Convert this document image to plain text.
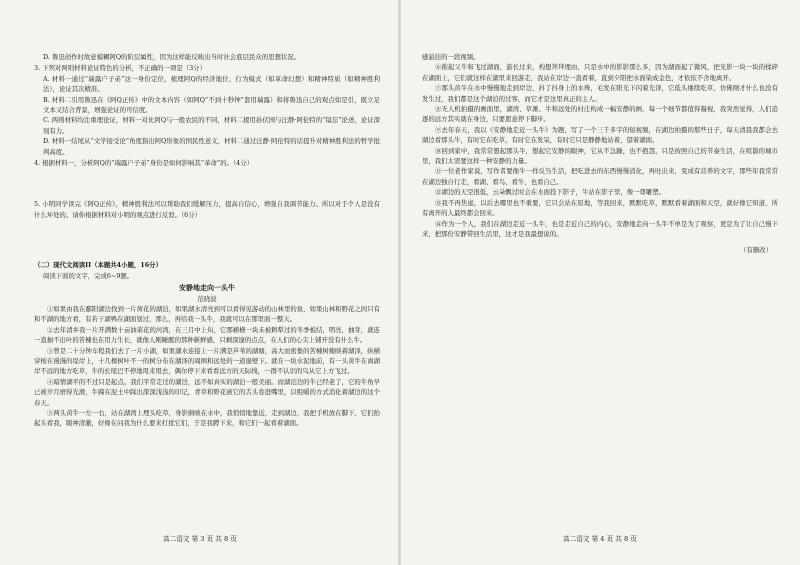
D. 鲁迅创作时故意模糊阿Q的阶层属性，因为这样能反映出当时社会底层民众的思想状况。

3. 下列对两则材料论证特色的分析，不正确的一项是（3分）

A. 材料一通过“瑞露户子弟”这一身份定位，梳理阿Q的经济地位、行为模式（如革命幻想）和精神特质（如精神胜利法），论证其次精准。

B. 材料二引用鲁迅在《阿Q正传》中的文本内容（如阿Q“不到十秒钟”套用瑞露）和将鲁迅自己的观点如是引，既立足文本又结合背景，增强论证的可信度。

C. 两则材料均注重理论证，材料一对比阿Q与一般农民的不同，材料二援用孙伏园与汪静·阿伦特的“镜忘”论述，论证深刻有力。

D. 材料一结尾从“文学接受论”角度指出阿Q形象的国民性意义，材料二通过汪静·阿伦特的话提升对精神胜利法的哲学批判高度。

4. 根据材料一，分析阿Q的“瑞露户子弟”身份是如何影响其“革命”的。（4分）

5. 小明同学读完《阿Q正传》，精神胜利法可以帮助我们缓解压力，提高自信心，增强自我调节能力。所以对于个人是没有什么坏处的。请你根据材料对小明的观点进行反驳。（6分）

（二）现代文阅读II（本题共4小题，16分）

阅读下面的文字，完成6~9题。

安静地走向一头牛

范晓波

①如果由我在鄱阳湖边找到一片荷花的湖泊，如果湖水清亮到可以看得见游动的山林里的鱼，如果山林和野花之间只有和不湖的地方看，有若干湖鸭在湖面划过，那么，再给我一头牛，我就可以在那里面一整天。

②去年清乡我一片开满数十亩油菜花的河湾，在三月中上旬，它那横横一块未被耕犁过的冬季板结，明亮，抽芽，就连一直抽不出叶的苦楝也在用力生长，就像人刚睡醒的那种新鲜感，只剩深邃的点点，在人们的心尖上铺开没有什么牛。

③曾是二十分钟车程我们去了一片小湖，如果湖水连接上一片满是芦苇的湖塘，高大而密集的苦楝树掩映着湖泽，纵横穿梭在漫漫的堤岸上，十几棵树叶不一的树分布在湖泽的周围和远处的一道崖壁下。就在一块水泥地前，有一头黄牛在离湖岸不远的地方吃草，牛的长尾巴不停地甩来甩去，偶尔停下来看看远方的天际线，一群不认识的鸟从它上方飞过。

④暗情湖平的不过只是起点。我们平常走过的湖边，远不如真实的湖泊一般美丽。而湖泊边的牛已经老了，它的牛角早已被岁月磨得光滑，牛蹄在泥土中踩出深深浅浅的印记，青草和野花被它的舌头卷进嘴里，以咀嚼的方式消化着湖边的这个春天。

⑤两头黄牛一左一右，站在湖湾上埋头吃草，身影倒映在水中，我悄悄地靠近，走到湖边，我把手机放在脚下，它们抬起头看我，眼神清澈，好像在问我为什么要来打扰它们，于是我蹲下来，和它们一起看着湖面。

高二语文 第 3 页 共 8 页

感悬挂的一段视频。

⑥推起父牛和飞过湖面，游长过来，构想拜拜理由，只是水中的影影那么多，因为湖面起了微风，把光影一块一块的揉碎在湖面上，它们就这样在湖里来回游走，我站在岸边一直看着，直到夕阳把水面染成金色，才依依不舍地离开。

⑦那头黄牛在水中慢慢地走到岸边，抖了抖身上的水珠，毛发在阳光下闪着光泽，它低头继续吃草，仿佛刚才什么也没有发生过，我们都是这个湖泊的过客，而它才是这里真正的主人。

⑧无人机拍摄的画面里，湖湾、草滩、牛和远处的村庄构成一幅安静的画，每一个细节都值得凝视，我突然觉得，人们追逐的远方其实就在身边，只要愿意停下脚步。

⑨去年春天，我以《安静地走近一头牛》为题，写了一个三千多字的短视频，在湖边拍摄的那些日子，每天清晨我都会去湖边看那头牛，有时它在吃草，有时它在发呆，有时它只是静静地站着，望着湖面。

⑩回到家中，我常常想起那头牛，想起它安静的眼神，它从不急躁，也不抱怨，只是按照自己的节奏生活，在喧嚣的城市里，我们太需要这样一种安静的力量。

⑪一位老作家说，写作者要像牛一样反刍生活，把吃进去的东西慢慢消化，再吐出来，变成有营养的文字，那些年我常常在湖边独自行走，看湖、看鸟、看牛，也看自己。

⑫湖边的天空很低，云朵飘过时会在水面投下影子，牛站在影子里，像一尊雕塑。

⑬我不再焦虑，以后去哪里也不重要，它只会站在原地，等我回来，默默吃草，默默看着湖面和天空，就好像它知道，所有离开的人最终都会回来。

⑭作为一个人，我们在湖边走近一头牛，也是走近自己的内心，安静地走向一头牛不单是为了观察，更是为了让自己慢下来，把那份安静带回生活里，这才是我最想说的。

（有删改）

高二语文 第 4 页 共 8 页
